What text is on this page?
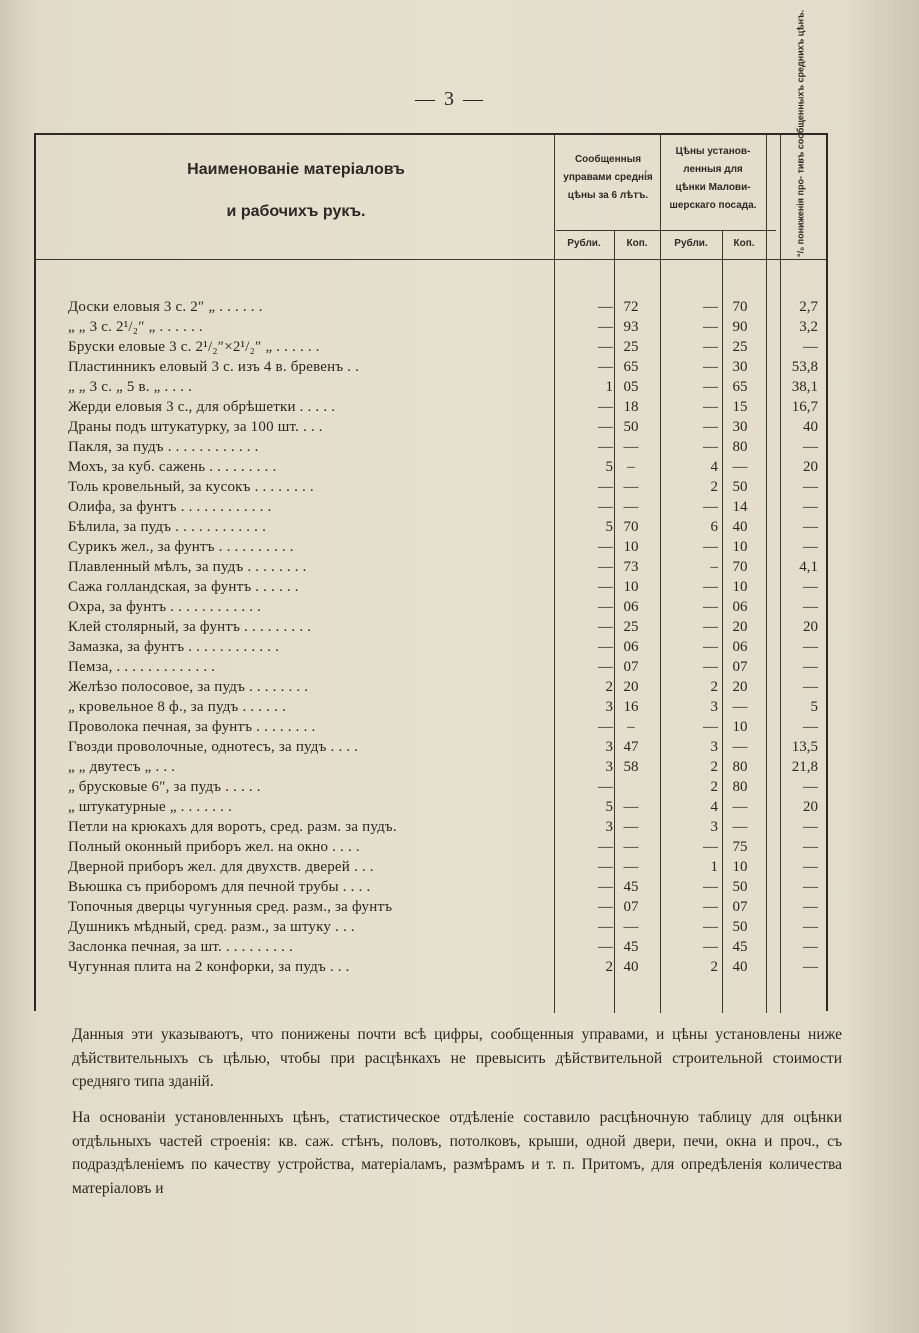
— 3 —
Наименованіе матеріаловъ
и рабочихъ рукъ.
Сообщенныя
управами средні́я
цѣны за 6 лѣтъ.
Цѣны установ-
ленныя для
цѣнки Малови-
шерскаго посада.	°/₀ пониженія про- тивъ сообщенныхъ среднихъ цѣнъ.
Рубли.	Коп.	Рубли.	Коп.
Доски еловыя 3 с. 2″ „ . . . . . .	— 72	— 70	2,7
„ „ 3 с. 2¹/₂″ „ . . . . . .	— 93	— 90	3,2
Бруски еловые 3 с. 2¹/₂″×2¹/₂″ „ . . . . . .	— 25	— 25	—
Пластинникъ еловый 3 с. изъ 4 в. бревенъ . .	— 65	— 30	53,8
„ „ 3 с. „ 5 в. „ . . . .	1 05	— 65	38,1
Жерди еловыя 3 с., для обрѣшетки . . . . .	— 18	— 15	16,7
Драны подъ штукатурку, за 100 шт. . . .	— 50	— 30	40
Пакля, за пудъ . . . . . . . . . . . .	— —	— 80	—
Мохъ, за куб. сажень . . . . . . . . .	5 –	4 —	20
Толь кровельный, за кусокъ . . . . . . . .	— —	2 50	—
Олифа, за фунтъ . . . . . . . . . . . .	— —	— 14	—
Бѣлила, за пудъ . . . . . . . . . . . .	5 70	6 40	—
Сурикъ жел., за фунтъ . . . . . . . . . .	— 10	— 10	—
Плавленный мѣлъ, за пудъ . . . . . . . .	— 73	– 70	4,1
Сажа голландская, за фунтъ . . . . . .	— 10	— 10	—
Охра, за фунтъ . . . . . . . . . . . .	— 06	— 06	—
Клей столярный, за фунтъ . . . . . . . . .	— 25	— 20	20
Замазка, за фунтъ . . . . . . . . . . . .	— 06	— 06	—
Пемза, . . . . . . . . . . . . .	— 07	— 07	—
Желѣзо полосовое, за пудъ . . . . . . . .	2 20	2 20	—
„ кровельное 8 ф., за пудъ . . . . . .	3 16	3 —	5
Проволока печная, за фунтъ . . . . . . . .	— –	— 10	—
Гвозди проволочные, однотесъ, за пудъ . . . .	3 47	3 —	13,5
„ „ двутесъ „ . . .	3 58	2 80	21,8
„ брусковые 6″, за пудъ . . . . .	—	2 80	—
„ штукатурные „ . . . . . . .	5 —	4 —	20
Петли на крюкахъ для воротъ, сред. разм. за пудъ.	3 —	3 —	—
Полный оконный приборъ жел. на окно . . . .	— —	— 75	—
Дверной приборъ жел. для двухств. дверей . . .	— —	1 10	—
Вьюшка съ приборомъ для печной трубы . . . .	— 45	— 50	—
Топочныя дверцы чугунныя сред. разм., за фунтъ	— 07	— 07	—
Душникъ мѣдный, сред. разм., за штуку . . .	— —	— 50	—
Заслонка печная, за шт. . . . . . . . . .	— 45	— 45	—
Чугунная плита на 2 конфорки, за пудъ . . .	2 40	2 40	—
Данныя эти указываютъ, что понижены почти всѣ цифры, сообщенныя управами, и цѣны установлены ниже дѣйствительныхъ съ цѣлью, чтобы при расцѣнкахъ не превысить дѣйствительной строительной стоимости средняго типа зданій.
На основаніи установленныхъ цѣнъ, статистическое отдѣленіе составило расцѣночную таблицу для оцѣнки отдѣльныхъ частей строенія: кв. саж. стѣнъ, половъ, потолковъ, крыши, одной двери, печи, окна и проч., съ подраздѣленіемъ по качеству устройства, матеріаламъ, размѣрамъ и т. п. Притомъ, для опредѣленія количества матеріаловъ и
